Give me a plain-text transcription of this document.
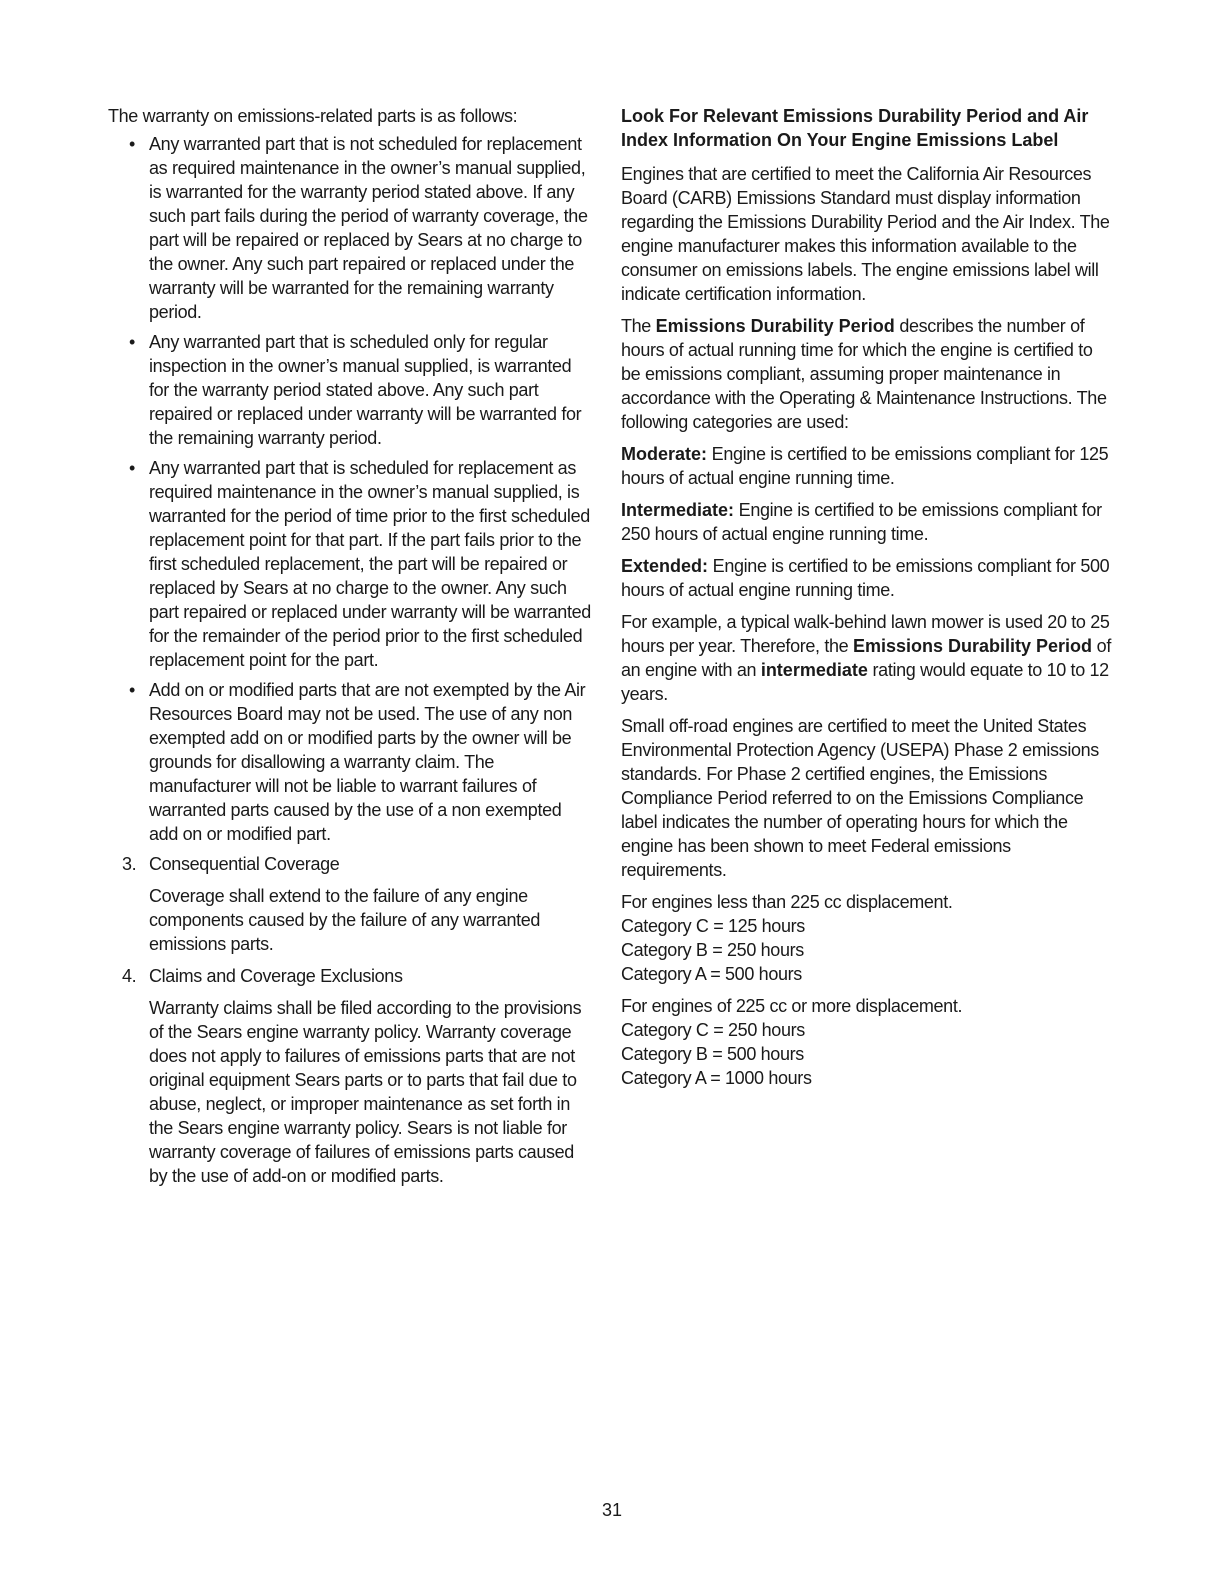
The warranty on emissions-related parts is as follows:

• Any warranted part that is not scheduled for replacement as required maintenance in the owner’s manual supplied, is warranted for the warranty period stated above. If any such part fails during the period of warranty coverage, the part will be repaired or replaced by Sears at no charge to the owner. Any such part repaired or replaced under the warranty will be warranted for the remaining warranty period.
• Any warranted part that is scheduled only for regular inspection in the owner’s manual supplied, is warranted for the warranty period stated above. Any such part repaired or replaced under warranty will be warranted for the remaining warranty period.
• Any warranted part that is scheduled for replacement as required maintenance in the owner’s manual supplied, is warranted for the period of time prior to the first scheduled replacement point for that part. If the part fails prior to the first scheduled replacement, the part will be repaired or replaced by Sears at no charge to the owner. Any such part repaired or replaced under warranty will be warranted for the remainder of the period prior to the first scheduled replacement point for the part.
• Add on or modified parts that are not exempted by the Air Resources Board may not be used. The use of any non exempted add on or modified parts by the owner will be grounds for disallowing a warranty claim. The manufacturer will not be liable to warrant failures of warranted parts caused by the use of a non exempted add on or modified part.
3. Consequential Coverage

Coverage shall extend to the failure of any engine components caused by the failure of any warranted emissions parts.

4. Claims and Coverage Exclusions

Warranty claims shall be filed according to the provisions of the Sears engine warranty policy. Warranty coverage does not apply to failures of emissions parts that are not original equipment Sears parts or to parts that fail due to abuse, neglect, or improper maintenance as set forth in the Sears engine warranty policy. Sears is not liable for warranty coverage of failures of emissions parts caused by the use of add-on or modified parts.

Look For Relevant Emissions Durability Period and Air Index Information On Your Engine Emissions Label

Engines that are certified to meet the California Air Resources Board (CARB) Emissions Standard must display information regarding the Emissions Durability Period and the Air Index. The engine manufacturer makes this information available to the consumer on emissions labels. The engine emissions label will indicate certification information.

The Emissions Durability Period describes the number of hours of actual running time for which the engine is certified to be emissions compliant, assuming proper maintenance in accordance with the Operating & Maintenance Instructions. The following categories are used:

Moderate: Engine is certified to be emissions compliant for 125 hours of actual engine running time.

Intermediate: Engine is certified to be emissions compliant for 250 hours of actual engine running time.

Extended: Engine is certified to be emissions compliant for 500 hours of actual engine running time.

For example, a typical walk-behind lawn mower is used 20 to 25 hours per year. Therefore, the Emissions Durability Period of an engine with an intermediate rating would equate to 10 to 12 years.

Small off-road engines are certified to meet the United States Environmental Protection Agency (USEPA) Phase 2 emissions standards. For Phase 2 certified engines, the Emissions Compliance Period referred to on the Emissions Compliance label indicates the number of operating hours for which the engine has been shown to meet Federal emissions requirements.

For engines less than 225 cc displacement.
Category C = 125 hours
Category B = 250 hours
Category A = 500 hours
For engines of 225 cc or more displacement.
Category C = 250 hours
Category B = 500 hours
Category A = 1000 hours
31
